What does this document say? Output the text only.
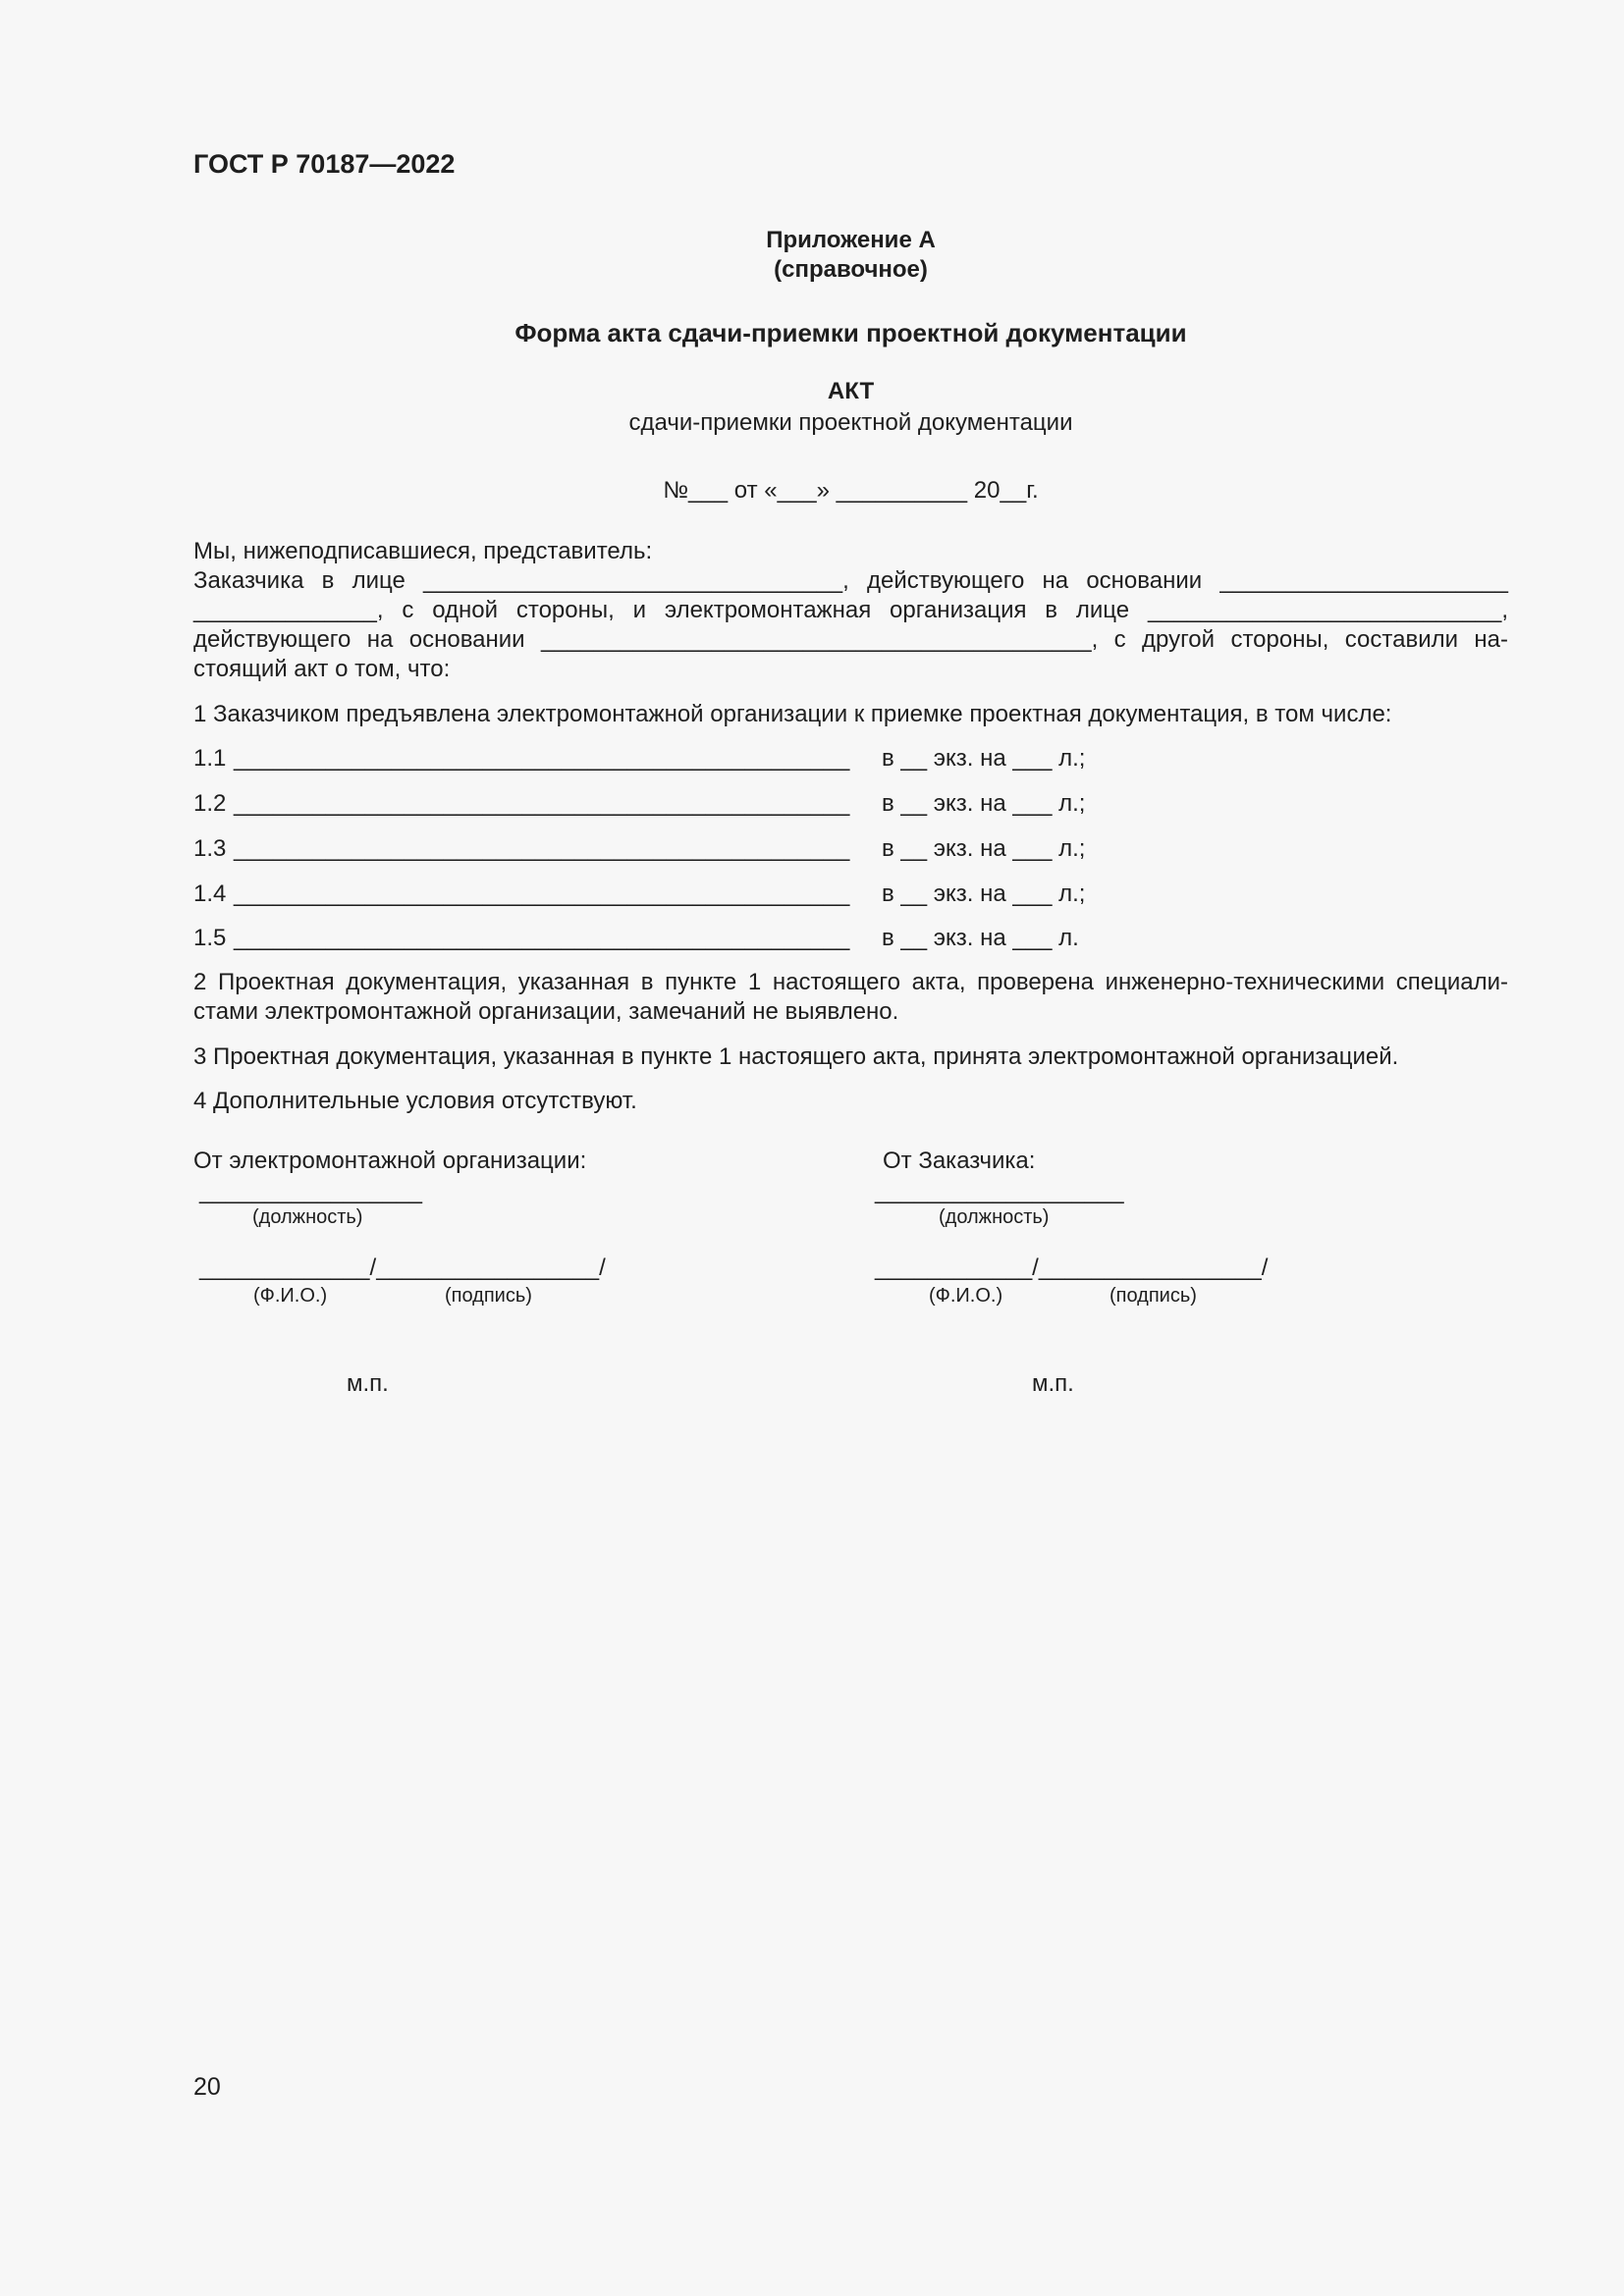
ГОСТ Р 70187—2022
Приложение А
(справочное)
Форма акта сдачи-приемки проектной документации
АКТ
сдачи-приемки проектной документации
№___ от «___» __________ 20__г.
Мы, нижеподписавшиеся, представитель:
Заказчика в лице ________________________________, действующего на основании ______________________
______________, с одной стороны, и электромонтажная организация в лице ___________________________,
действующего на основании __________________________________________, с другой стороны, составили на-
стоящий акт о том, что:
1 Заказчиком предъявлена электромонтажной организации к приемке проектная документация, в том числе:
1.1 _______________________________________________ в __ экз. на ___ л.;
1.2 _______________________________________________ в __ экз. на ___ л.;
1.3 _______________________________________________ в __ экз. на ___ л.;
1.4 _______________________________________________ в __ экз. на ___ л.;
1.5 _______________________________________________ в __ экз. на ___ л.
2 Проектная документация, указанная в пункте 1 настоящего акта, проверена инженерно-техническими специали-
стами электромонтажной организации, замечаний не выявлено.
3 Проектная документация, указанная в пункте 1 настоящего акта, принята электромонтажной организацией.
4 Дополнительные условия отсутствуют.
От электромонтажной организации:
_________________
(должность)
_____________/_________________/
(Ф.И.О.)	(подпись)
м.п.
От Заказчика:
___________________
(должность)
____________/_________________/
(Ф.И.О.)	(подпись)
м.п.
20
